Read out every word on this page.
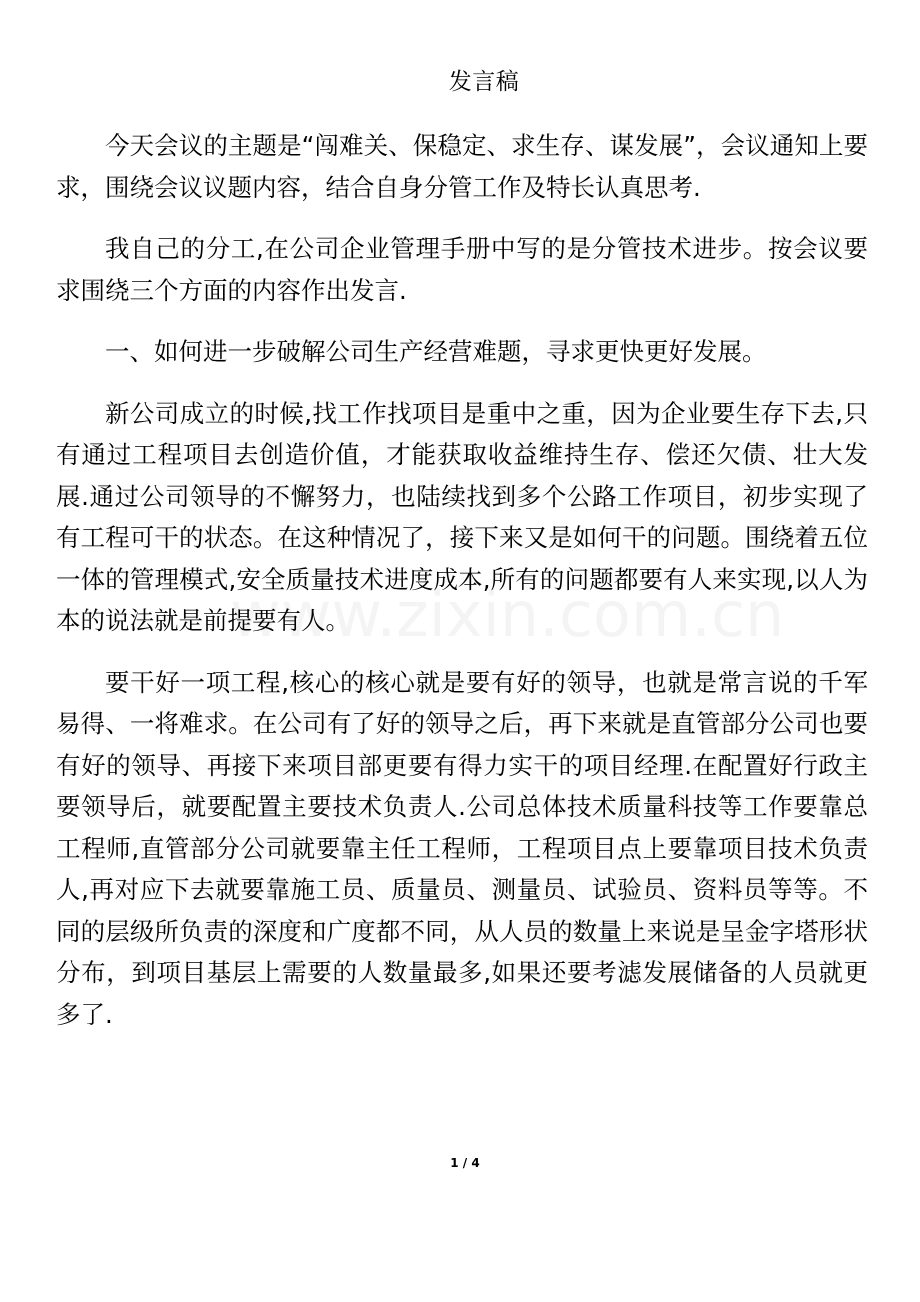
发言稿

今天会议的主题是“闯难关、保稳定、求生存、谋发展”，会议通知上要求，围绕会议议题内容，结合自身分管工作及特长认真思考.

我自己的分工,在公司企业管理手册中写的是分管技术进步。按会议要求围绕三个方面的内容作出发言.

一、如何进一步破解公司生产经营难题，寻求更快更好发展。

新公司成立的时候,找工作找项目是重中之重，因为企业要生存下去,只有通过工程项目去创造价值，才能获取收益维持生存、偿还欠债、壮大发展.通过公司领导的不懈努力，也陆续找到多个公路工作项目，初步实现了有工程可干的状态。在这种情况了，接下来又是如何干的问题。围绕着五位一体的管理模式,安全质量技术进度成本,所有的问题都要有人来实现,以人为本的说法就是前提要有人。

要干好一项工程,核心的核心就是要有好的领导，也就是常言说的千军易得、一将难求。在公司有了好的领导之后，再下来就是直管部分公司也要有好的领导、再接下来项目部更要有得力实干的项目经理.在配置好行政主要领导后，就要配置主要技术负责人.公司总体技术质量科技等工作要靠总工程师,直管部分公司就要靠主任工程师，工程项目点上要靠项目技术负责人,再对应下去就要靠施工员、质量员、测量员、试验员、资料员等等。不同的层级所负责的深度和广度都不同，从人员的数量上来说是呈金字塔形状分布，到项目基层上需要的人数量最多,如果还要考滤发展储备的人员就更多了.

1 / 4
